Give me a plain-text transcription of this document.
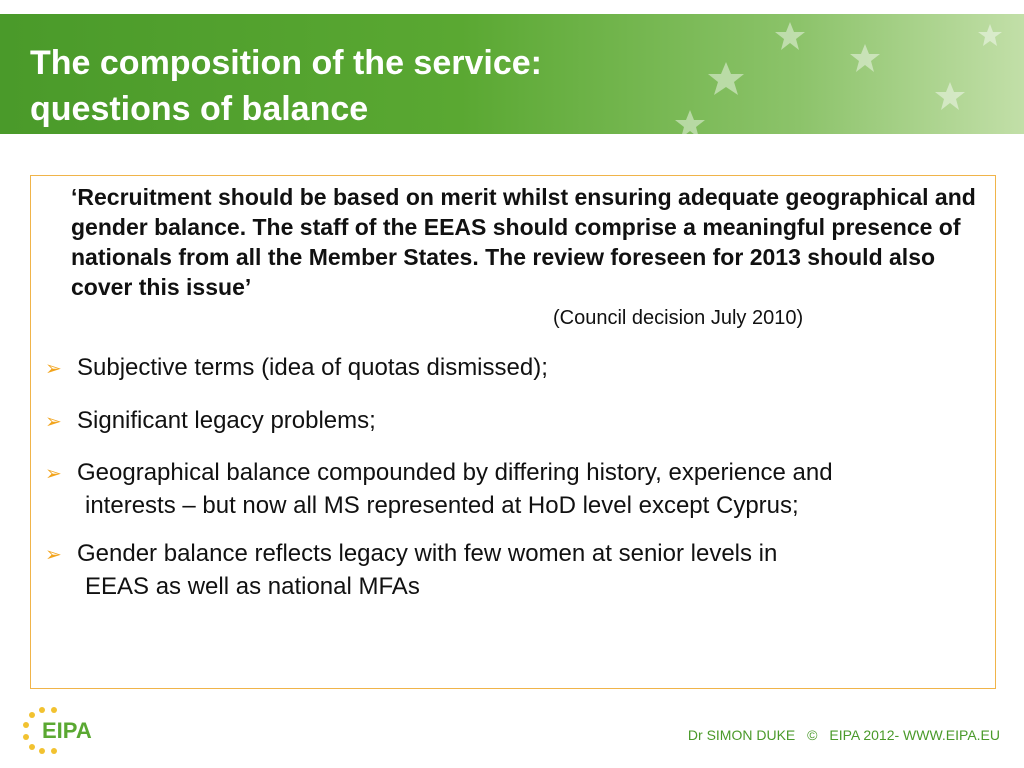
The composition of the service:
questions of balance
‘Recruitment should be based on merit whilst ensuring adequate geographical and gender balance. The staff of the EEAS should comprise a meaningful presence of nationals from all the Member States. The review foreseen for 2013 should also cover this issue’
(Council decision July 2010)
➢ Subjective terms (idea of quotas dismissed);
➢ Significant legacy problems;
➢ Geographical balance compounded by differing history, experience and
interests – but now all MS represented at HoD level except Cyprus;
➢ Gender balance reflects legacy with few women at senior levels in
EEAS as well as national MFAs
EIPA	Dr SIMON DUKE © EIPA 2012- WWW.EIPA.EU
